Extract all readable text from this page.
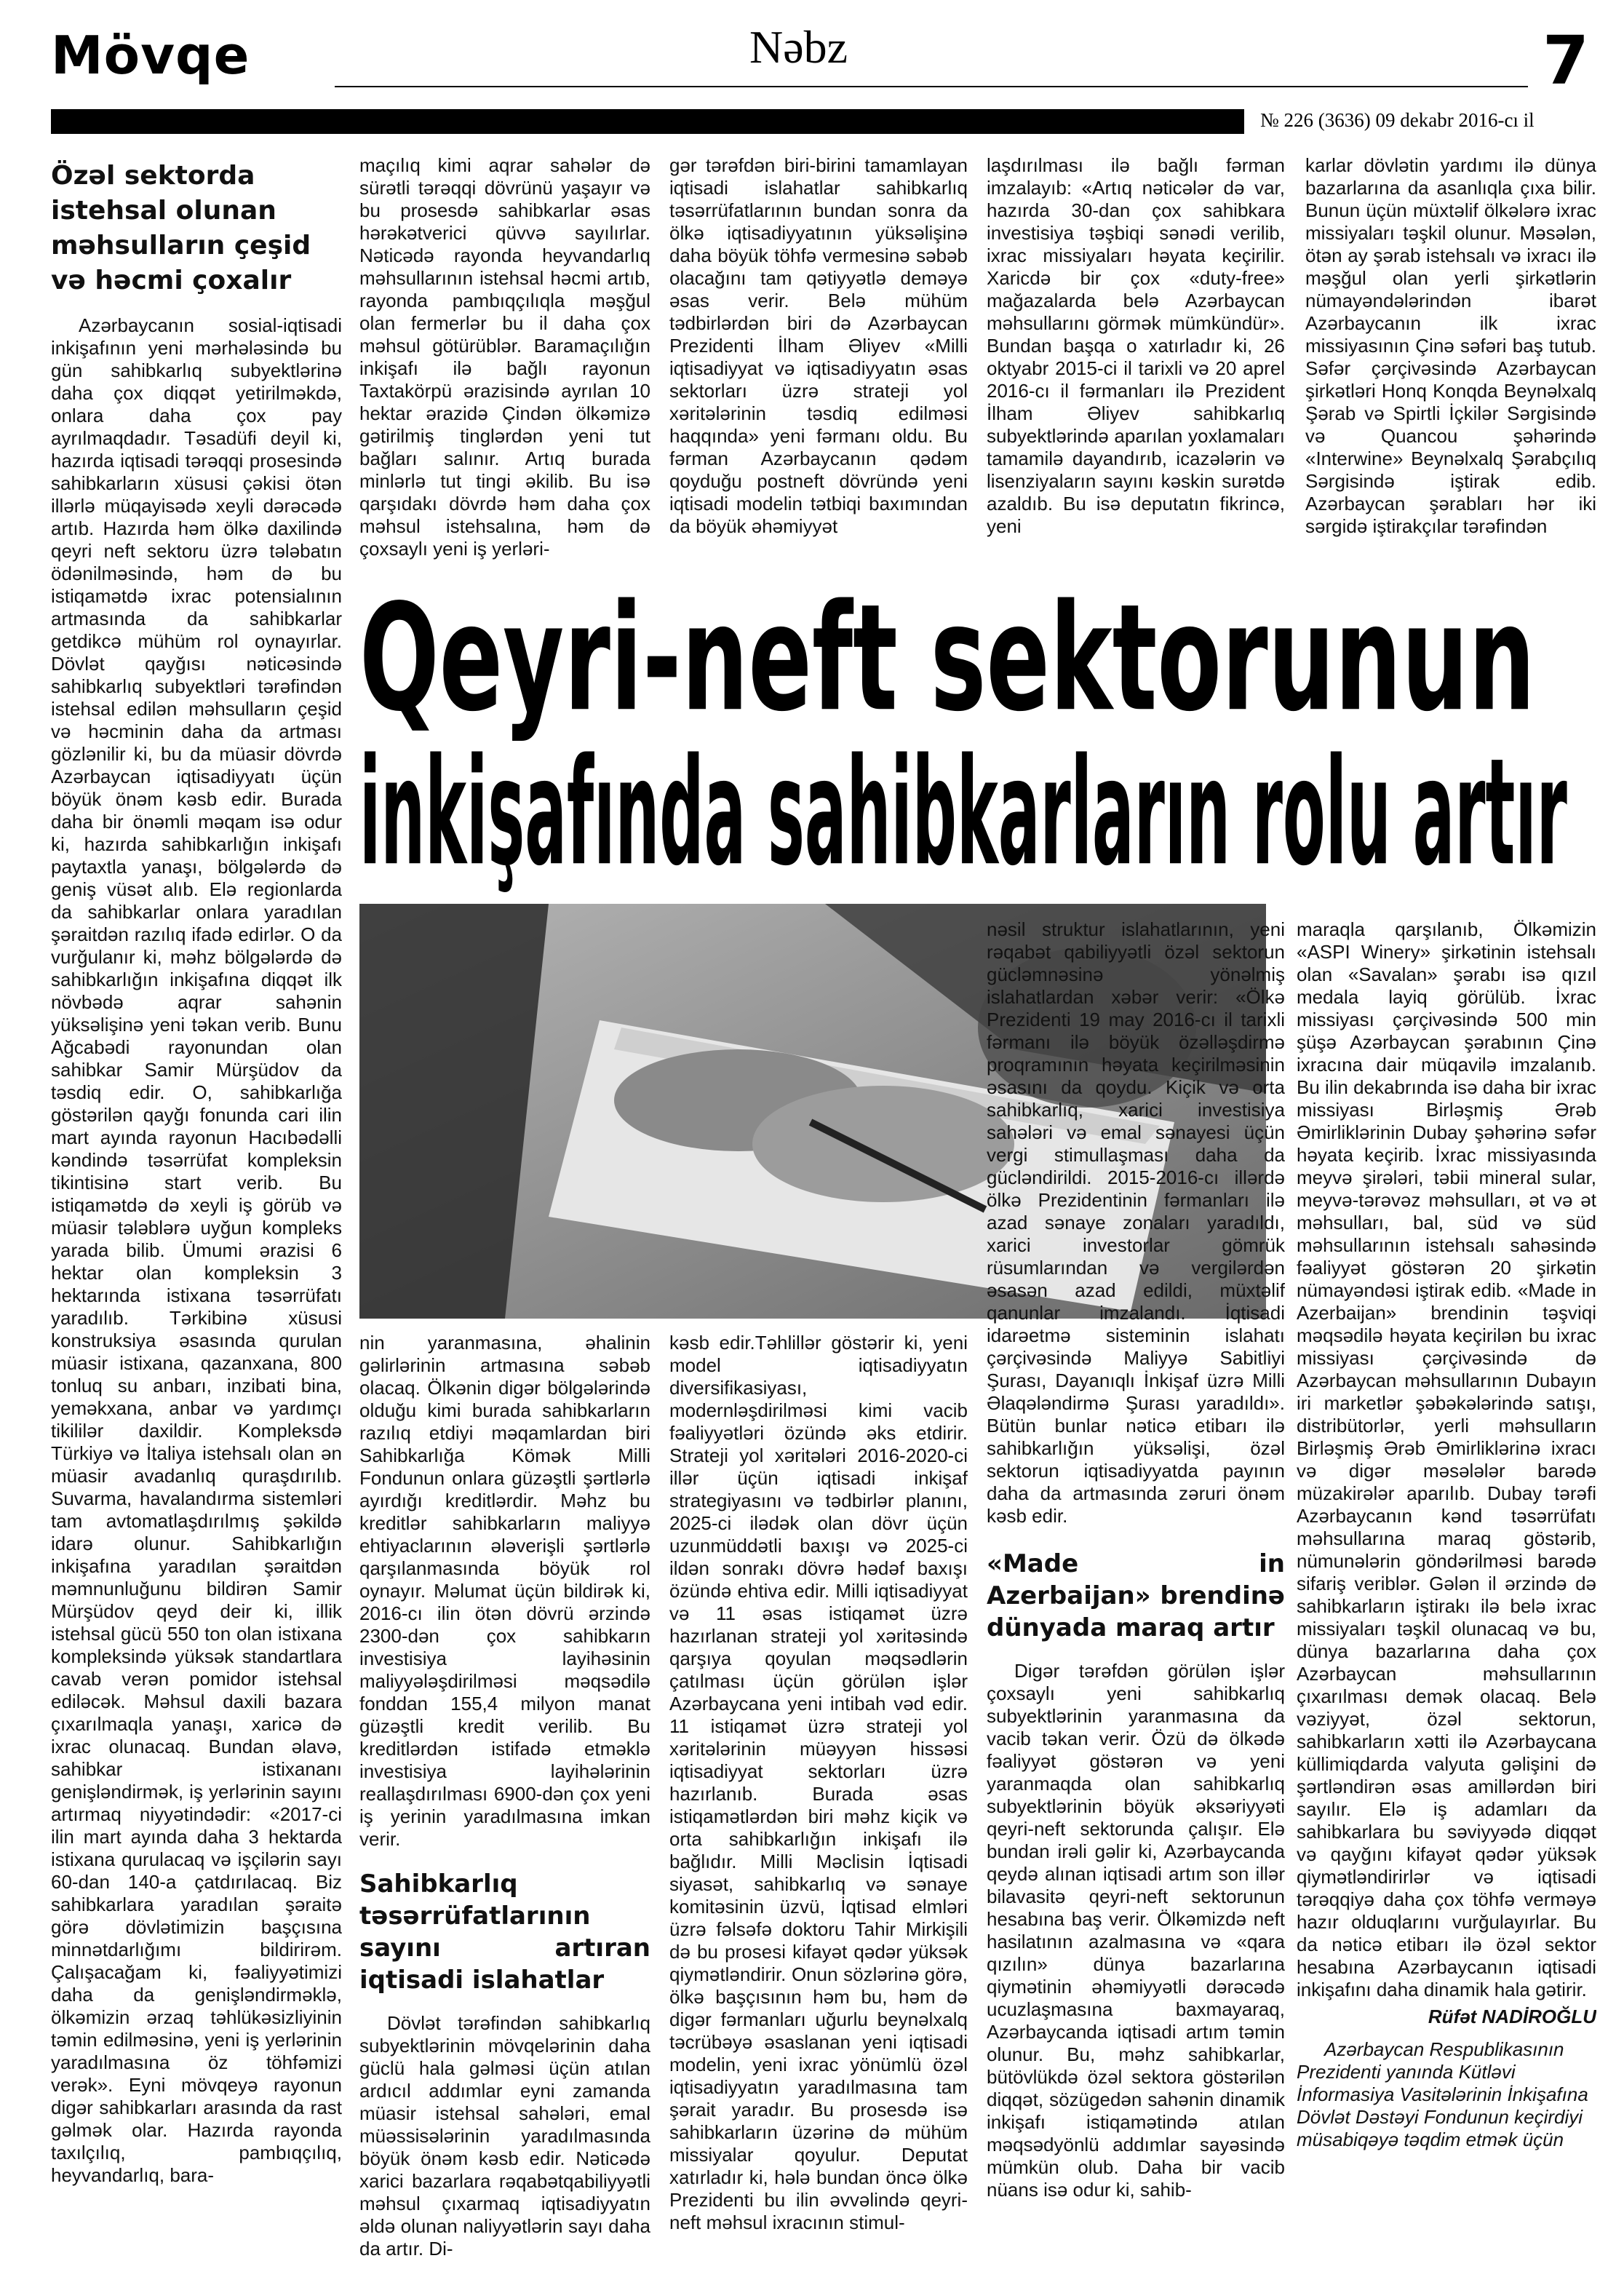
Mövqe	Nəbz	7
№ 226 (3636) 09 dekabr 2016-cı il
Özəl sektorda istehsal olunan məhsulların çeşid və həcmi çoxalır

Azərbaycanın sosial-iqtisadi inkişafının yeni mərhələsində bu gün sahibkarlıq subyektlərinə daha çox diqqət yetirilməkdə, onlara daha çox pay ayrılmaqdadır. Təsadüfi deyil ki, hazırda iqtisadi tərəqqi prosesində sahibkarların xüsusi çəkisi ötən illərlə müqayisədə xeyli dərəcədə artıb. Hazırda həm ölkə daxilində qeyri neft sektoru üzrə tələbatın ödənilməsində, həm də bu istiqamətdə ixrac potensialının artmasında da sahibkarlar getdikcə mühüm rol oynayırlar. Dövlət qayğısı nəticəsində sahibkarlıq subyektləri tərəfindən istehsal edilən məhsulların çeşid və həcminin daha da artması gözlənilir ki, bu da müasir dövrdə Azərbaycan iqtisadiyyatı üçün böyük önəm kəsb edir. Burada daha bir önəmli məqam isə odur ki, hazırda sahibkarlığın inkişafı paytaxtla yanaşı, bölgələrdə də geniş vüsət alıb. Elə regionlarda da sahibkarlar onlara yaradılan şəraitdən razılıq ifadə edirlər. O da vurğulanır ki, məhz bölgələrdə də sahibkarlığın inkişafına diqqət ilk növbədə aqrar sahənin yüksəlişinə yeni təkan verib. Bunu Ağcabədi rayonundan olan sahibkar Samir Mürşüdov da təsdiq edir. O, sahibkarlığa göstərilən qayğı fonunda cari ilin mart ayında rayonun Hacıbədəlli kəndində təsərrüfat kompleksin tikintisinə start verib. Bu istiqamətdə də xeyli iş görüb və müasir tələblərə uyğun kompleks yarada bilib. Ümumi ərazisi 6 hektar olan kompleksin 3 hektarında istixana təsərrüfatı yaradılıb. Tərkibinə xüsusi konstruksiya əsasında qurulan müasir istixana, qazanxana, 800 tonluq su anbarı, inzibati bina, yeməkxana, anbar və yardımçı tikililər daxildir. Kompleksdə Türkiyə və İtaliya istehsalı olan ən müasir avadanlıq quraşdırılıb. Suvarma, havalandırma sistemləri tam avtomatlaşdırılmış şəkildə idarə olunur. Sahibkarlığın inkişafına yaradılan şəraitdən məmnunluğunu bildirən Samir Mürşüdov qeyd deir ki, illik istehsal gücü 550 ton olan istixana kompleksində yüksək standartlara cavab verən pomidor istehsal ediləcək. Məhsul daxili bazara çıxarılmaqla yanaşı, xaricə də ixrac olunacaq. Bundan əlavə, sahibkar istixananı genişləndirmək, iş yerlərinin sayını artırmaq niyyətindədir: «2017-ci ilin mart ayında daha 3 hektarda istixana qurulacaq və işçilərin sayı 60-dan 140-a çatdırılacaq. Biz sahibkarlara yaradılan şəraitə görə dövlətimizin başçısına minnətdarlığımı bildirirəm. Çalışacağam ki, fəaliyyətimizi daha da genişləndirməklə, ölkəmizin ərzaq təhlükəsizliyinin təmin edilməsinə, yeni iş yerlərinin yaradılmasına öz töhfəmizi verək». Eyni mövqeyə rayonun digər sahibkarları arasında da rast gəlmək olar. Hazırda rayonda taxılçılıq, pambıqçılıq, heyvandarlıq, bara-

maçılıq kimi aqrar sahələr də sürətli tərəqqi dövrünü yaşayır və bu prosesdə sahibkarlar əsas hərəkətverici qüvvə sayılırlar. Nəticədə rayonda heyvandarlıq məhsullarının istehsal həcmi artıb, rayonda pambıqçılıqla məşğul olan fermerlər bu il daha çox məhsul götürüblər. Baramaçılığın inkişafı ilə bağlı rayonun Taxtakörpü ərazisində ayrılan 10 hektar ərazidə Çindən ölkəmizə gətirilmiş tinglərdən yeni tut bağları salınır. Artıq burada minlərlə tut tingi əkilib. Bu isə qarşıdakı dövrdə həm daha çox məhsul istehsalına, həm də çoxsaylı yeni iş yerləri-

gər tərəfdən biri-birini tamamlayan iqtisadi islahatlar sahibkarlıq təsərrüfatlarının bundan sonra da ölkə iqtisadiyyatının yüksəlişinə daha böyük töhfə vermesinə səbəb olacağını tam qətiyyətlə deməyə əsas verir. Belə mühüm tədbirlərdən biri də Azərbaycan Prezidenti İlham Əliyev «Milli iqtisadiyyat və iqtisadiyyatın əsas sektorları üzrə strateji yol xəritələrinin təsdiq edilməsi haqqında» yeni fərmanı oldu. Bu fərman Azərbaycanın qədəm qoyduğu postneft dövründə yeni iqtisadi modelin tətbiqi baxımından da böyük əhəmiyyət

laşdırılması ilə bağlı fərman imzalayıb: «Artıq nəticələr də var, hazırda 30-dan çox sahibkara investisiya təşbiqi sənədi verilib, ixrac missiyaları həyata keçirilir. Xaricdə bir çox «duty-free» mağazalarda belə Azərbaycan məhsullarını görmək mümkündür». Bundan başqa o xatırladır ki, 26 oktyabr 2015-ci il tarixli və 20 aprel 2016-cı il fərmanları ilə Prezident İlham Əliyev sahibkarlıq subyektlərində aparılan yoxlamaları tamamilə dayandırıb, icazələrin və lisenziyaların sayını kəskin surətdə azaldıb. Bu isə deputatın fikrincə, yeni

karlar dövlətin yardımı ilə dünya bazarlarına da asanlıqla çıxa bilir. Bunun üçün müxtəlif ölkələrə ixrac missiyaları təşkil olunur. Məsələn, ötən ay şərab istehsalı və ixracı ilə məşğul olan yerli şirkətlərin nümayəndələrindən ibarət Azərbaycanın ilk ixrac missiyasının Çinə səfəri baş tutub. Səfər çərçivəsində Azərbaycan şirkətləri Honq Konqda Beynəlxalq Şərab və Spirtli İçkilər Sərgisində və Quancou şəhərində «Interwine» Beynəlxalq Şərabçılıq Sərgisində iştirak edib. Azərbaycan şərabları hər iki sərgidə iştirakçılar tərəfindən

Qeyri-neft sektorunun
inkişafında sahibkarların rolu artır

nin yaranmasına, əhalinin gəlirlərinin artmasına səbəb olacaq. Ölkənin digər bölgələrində olduğu kimi burada sahibkarların razılıq etdiyi məqamlardan biri Sahibkarlığa Kömək Milli Fondunun onlara güzəştli şərtlərlə ayırdığı kreditlərdir. Məhz bu kreditlər sahibkarların maliyyə ehtiyaclarının ələverişli şərtlərlə qarşılanmasında böyük rol oynayır. Məlumat üçün bildirək ki, 2016-cı ilin ötən dövrü ərzində 2300-dən çox sahibkarın investisiya layihəsinin maliyyələşdirilməsi məqsədilə fonddan 155,4 milyon manat güzəştli kredit verilib. Bu kreditlərdən istifadə etməklə investisiya layihələrinin reallaşdırılması 6900-dən çox yeni iş yerinin yaradılmasına imkan verir.

Sahibkarlıq təsərrüfatlarının sayını artıran iqtisadi islahatlar

Dövlət tərəfindən sahibkarlıq subyektlərinin mövqelərinin daha güclü hala gəlməsi üçün atılan ardıcıl addımlar eyni zamanda müasir istehsal sahələri, emal müəssisələrinin yaradılmasında böyük önəm kəsb edir. Nəticədə xarici bazarlara rəqabətqabiliyyətli məhsul çıxarmaq iqtisadiyyatın əldə olunan naliyyətlərin sayı daha da artır. Di-

kəsb edir.Təhlillər göstərir ki, yeni model iqtisadiyyatın diversifikasiyası, modernləşdirilməsi kimi vacib fəaliyyətləri özündə əks etdirir. Strateji yol xəritələri 2016-2020-ci illər üçün iqtisadi inkişaf strategiyasını və tədbirlər planını, 2025-ci ilədək olan dövr üçün uzunmüddətli baxışı və 2025-ci ildən sonrakı dövrə hədəf baxışı özündə ehtiva edir. Milli iqtisadiyyat və 11 əsas istiqamət üzrə hazırlanan strateji yol xəritəsində qarşıya qoyulan məqsədlərin çatılması üçün görülən işlər Azərbaycana yeni intibah vəd edir. 11 istiqamət üzrə strateji yol xəritələrinin müəyyən hissəsi iqtisadiyyat sektorları üzrə hazırlanıb. Burada əsas istiqamətlərdən biri məhz kiçik və orta sahibkarlığın inkişafı ilə bağlıdır. Milli Məclisin İqtisadi siyasət, sahibkarlıq və sənaye komitəsinin üzvü, İqtisad elmləri üzrə fəlsəfə doktoru Tahir Mirkişili də bu prosesi kifayət qədər yüksək qiymətləndirir. Onun sözlərinə görə, ölkə başçısının həm bu, həm də digər fərmanları uğurlu beynəlxalq təcrübəyə əsaslanan yeni iqtisadi modelin, yeni ixrac yönümlü özəl iqtisadiyyatın yaradılmasına tam şərait yaradır. Bu prosesdə isə sahibkarların üzərinə də mühüm missiyalar qoyulur. Deputat xatırladır ki, hələ bundan öncə ölkə Prezidenti bu ilin əvvəlində qeyri-neft məhsul ixracının stimul-

nəsil struktur islahatlarının, yeni rəqabət qabiliyyətli özəl sektorun gücləmnəsinə yönəlmiş islahatlardan xəbər verir: «Ölkə Prezidenti 19 may 2016-cı il tarixli fərmanı ilə böyük özəlləşdirmə proqramının həyata keçirilməsinin əsasını da qoydu. Kiçik və orta sahibkarlıq, xarici investisiya sahələri və emal sənayesi üçün vergi stimullaşması daha da gücləndirildi. 2015-2016-cı illərdə ölkə Prezidentinin fərmanları ilə azad sənaye zonaları yaradıldı, xarici investorlar gömrük rüsumlarından və vergilərdən əsasən azad edildi, müxtəlif qanunlar imzalandı. İqtisadi idarəetmə sisteminin islahatı çərçivəsində Maliyyə Sabitliyi Şurası, Dayanıqlı İnkişaf üzrə Milli Əlaqələndirmə Şurası yaradıldı». Bütün bunlar nəticə etibarı ilə sahibkarlığın yüksəlişi, özəl sektorun iqtisadiyyatda payının daha da artmasında zəruri önəm kəsb edir.

«Made in Azerbaijan» brendinə dünyada maraq artır

Digər tərəfdən görülən işlər çoxsaylı yeni sahibkarlıq subyektlərinin yaranmasına da vacib təkan verir. Özü də ölkədə fəaliyyət göstərən və yeni yaranmaqda olan sahibkarlıq subyektlərinin böyük əksəriyyəti qeyri-neft sektorunda çalışır. Elə bundan irəli gəlir ki, Azərbaycanda qeydə alınan iqtisadi artım son illər bilavasitə qeyri-neft sektorunun hesabına baş verir. Ölkəmizdə neft hasilatının azalmasına və «qara qızılın» dünya bazarlarına qiymətinin əhəmiyyətli dərəcədə ucuzlaşmasına baxmayaraq, Azərbaycanda iqtisadi artım təmin olunur. Bu, məhz sahibkarlar, bütövlükdə özəl sektora göstərilən diqqət, sözügedən sahənin dinamik inkişafı istiqamətində atılan məqsədyönlü addımlar sayəsində mümkün olub. Daha bir vacib nüans isə odur ki, sahib-

maraqla qarşılanıb, Ölkəmizin «ASPI Winery» şirkətinin istehsalı olan «Savalan» şərabı isə qızıl medala layiq görülüb. İxrac missiyası çərçivəsində 500 min şüşə Azərbaycan şərabının Çinə ixracına dair müqavilə imzalanıb. Bu ilin dekabrında isə daha bir ixrac missiyası Birləşmiş Ərəb Əmirliklərinin Dubay şəhərinə səfər həyata keçirib. İxrac missiyasında meyvə şirələri, təbii mineral sular, meyvə-tərəvəz məhsulları, ət və ət məhsulları, bal, süd və süd məhsullarının istehsalı sahəsində fəaliyyət göstərən 20 şirkətin nümayəndəsi iştirak edib. «Made in Azerbaijan» brendinin təşviqi məqsədilə həyata keçirilən bu ixrac missiyası çərçivəsində də Azərbaycan məhsullarının Dubayın iri marketlər şəbəkələrində satışı, distribütorlər, yerli məhsulların Birləşmiş Ərəb Əmirliklərinə ixracı və digər məsələlər barədə müzakirələr aparılıb. Dubay tərəfi Azərbaycanın kənd təsərrüfatı məhsullarına maraq göstərib, nümunələrin göndərilməsi barədə sifariş veriblər. Gələn il ərzində də sahibkarların iştirakı ilə belə ixrac missiyaları təşkil olunacaq və bu, dünya bazarlarına daha çox Azərbaycan məhsullarının çıxarılması demək olacaq. Belə vəziyyət, özəl sektorun, sahibkarların xətti ilə Azərbaycana küllimiqdarda valyuta gəlişini də şərtləndirən əsas amillərdən biri sayılır. Elə iş adamları da sahibkarlara bu səviyyədə diqqət və qayğını kifayət qədər yüksək qiymətləndirirlər və iqtisadi tərəqqiyə daha çox töhfə verməyə hazır olduqlarını vurğulayırlar. Bu da nəticə etibarı ilə özəl sektor hesabına Azərbaycanın iqtisadi inkişafını daha dinamik hala gətirir.

Rüfət NADİROĞLU

Azərbaycan Respublikasının Prezidenti yanında Kütləvi İnformasiya Vasitələrinin İnkişafına Dövlət Dəstəyi Fondunun keçirdiyi müsabiqəyə təqdim etmək üçün
